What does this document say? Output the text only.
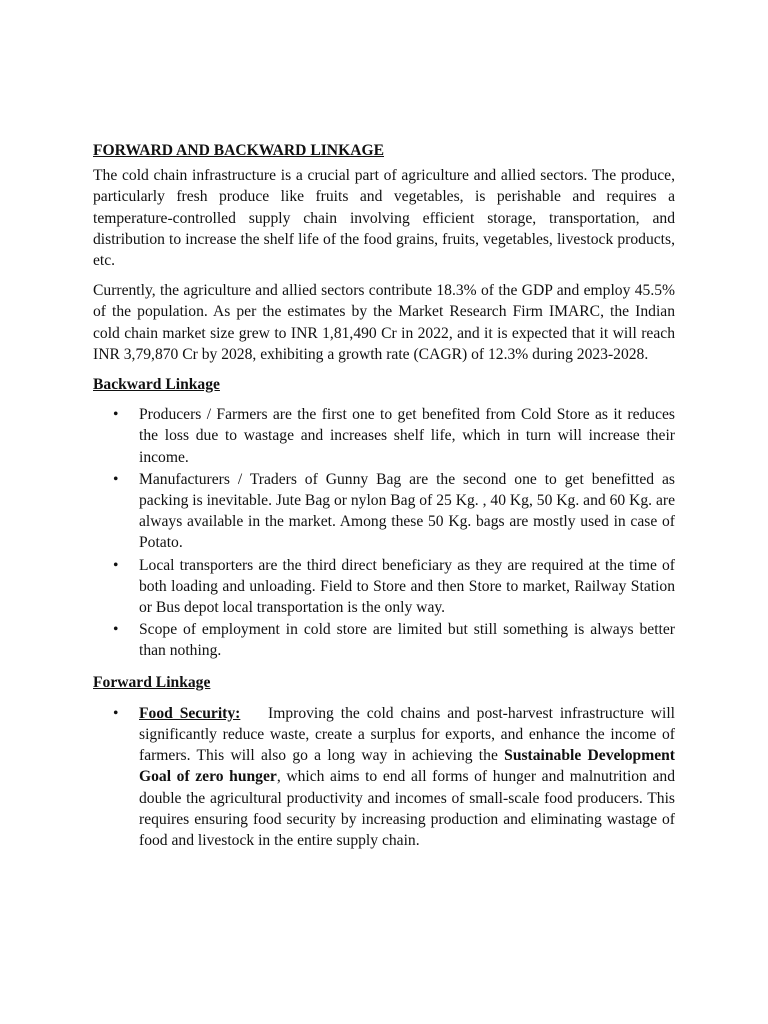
FORWARD AND BACKWARD LINKAGE

The cold chain infrastructure is a crucial part of agriculture and allied sectors. The produce, particularly fresh produce like fruits and vegetables, is perishable and requires a temperature-controlled supply chain involving efficient storage, transportation, and distribution to increase the shelf life of the food grains, fruits, vegetables, livestock products, etc.

Currently, the agriculture and allied sectors contribute 18.3% of the GDP and employ 45.5% of the population. As per the estimates by the Market Research Firm IMARC, the Indian cold chain market size grew to INR 1,81,490 Cr in 2022, and it is expected that it will reach INR 3,79,870 Cr by 2028, exhibiting a growth rate (CAGR) of 12.3% during 2023-2028.

Backward Linkage
• Producers / Farmers are the first one to get benefited from Cold Store as it reduces the loss due to wastage and increases shelf life, which in turn will increase their income.
• Manufacturers / Traders of Gunny Bag are the second one to get benefitted as packing is inevitable. Jute Bag or nylon Bag of 25 Kg. , 40 Kg, 50 Kg. and 60 Kg. are always available in the market. Among these 50 Kg. bags are mostly used in case of Potato.
• Local transporters are the third direct beneficiary as they are required at the time of both loading and unloading. Field to Store and then Store to market, Railway Station or Bus depot local transportation is the only way.
• Scope of employment in cold store are limited but still something is always better than nothing.
Forward Linkage
• Food Security: Improving the cold chains and post-harvest infrastructure will significantly reduce waste, create a surplus for exports, and enhance the income of farmers. This will also go a long way in achieving the Sustainable Development Goal of zero hunger, which aims to end all forms of hunger and malnutrition and double the agricultural productivity and incomes of small-scale food producers. This requires ensuring food security by increasing production and eliminating wastage of food and livestock in the entire supply chain.
